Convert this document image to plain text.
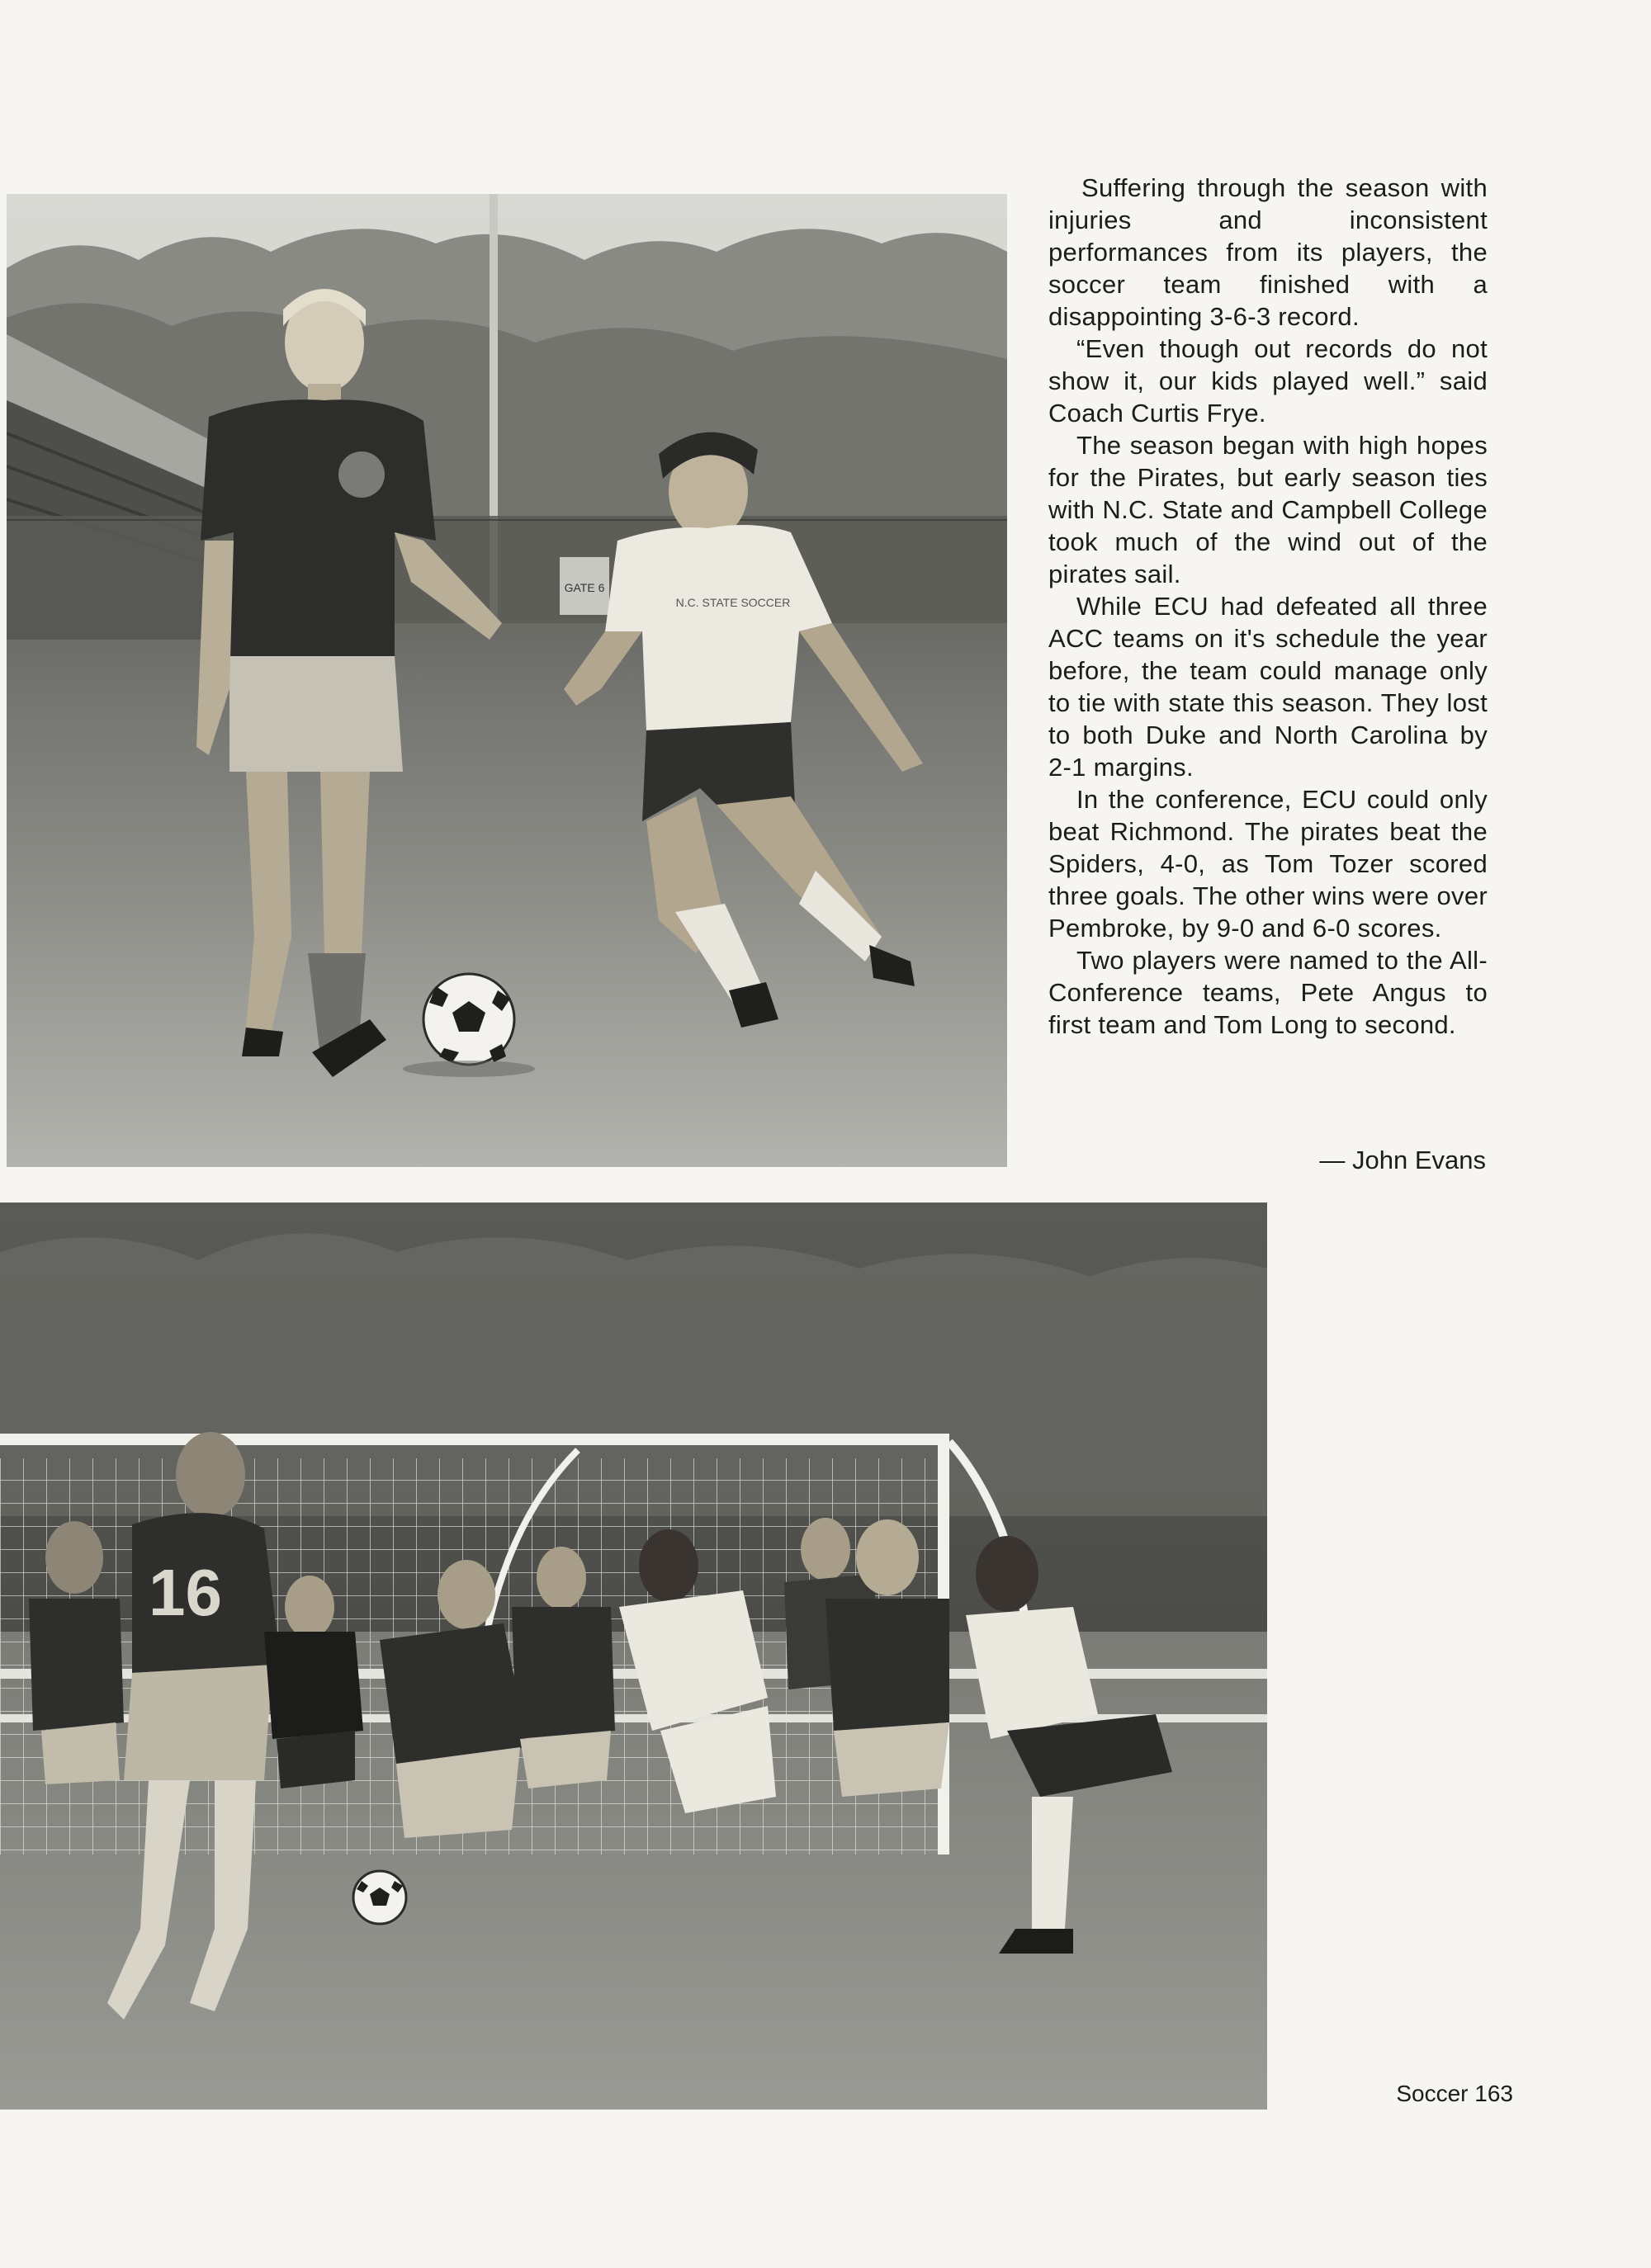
GATE 6
N.C. STATE SOCCER

Suffering through the season with injuries and inconsistent performances from its players, the soccer team finished with a disappointing 3-6-3 record.

“Even though out records do not show it, our kids played well.” said Coach Curtis Frye.

The season began with high hopes for the Pirates, but early season ties with N.C. State and Campbell College took much of the wind out of the pirates sail.

While ECU had defeated all three ACC teams on it's schedule the year before, the team could manage only to tie with state this season. They lost to both Duke and North Carolina by 2-1 margins.

In the conference, ECU could only beat Richmond. The pirates beat the Spiders, 4-0, as Tom Tozer scored three goals. The other wins were over Pembroke, by 9-0 and 6-0 scores.

Two players were named to the All-Conference teams, Pete Angus to first team and Tom Long to second.

— John Evans
16
Soccer 163
